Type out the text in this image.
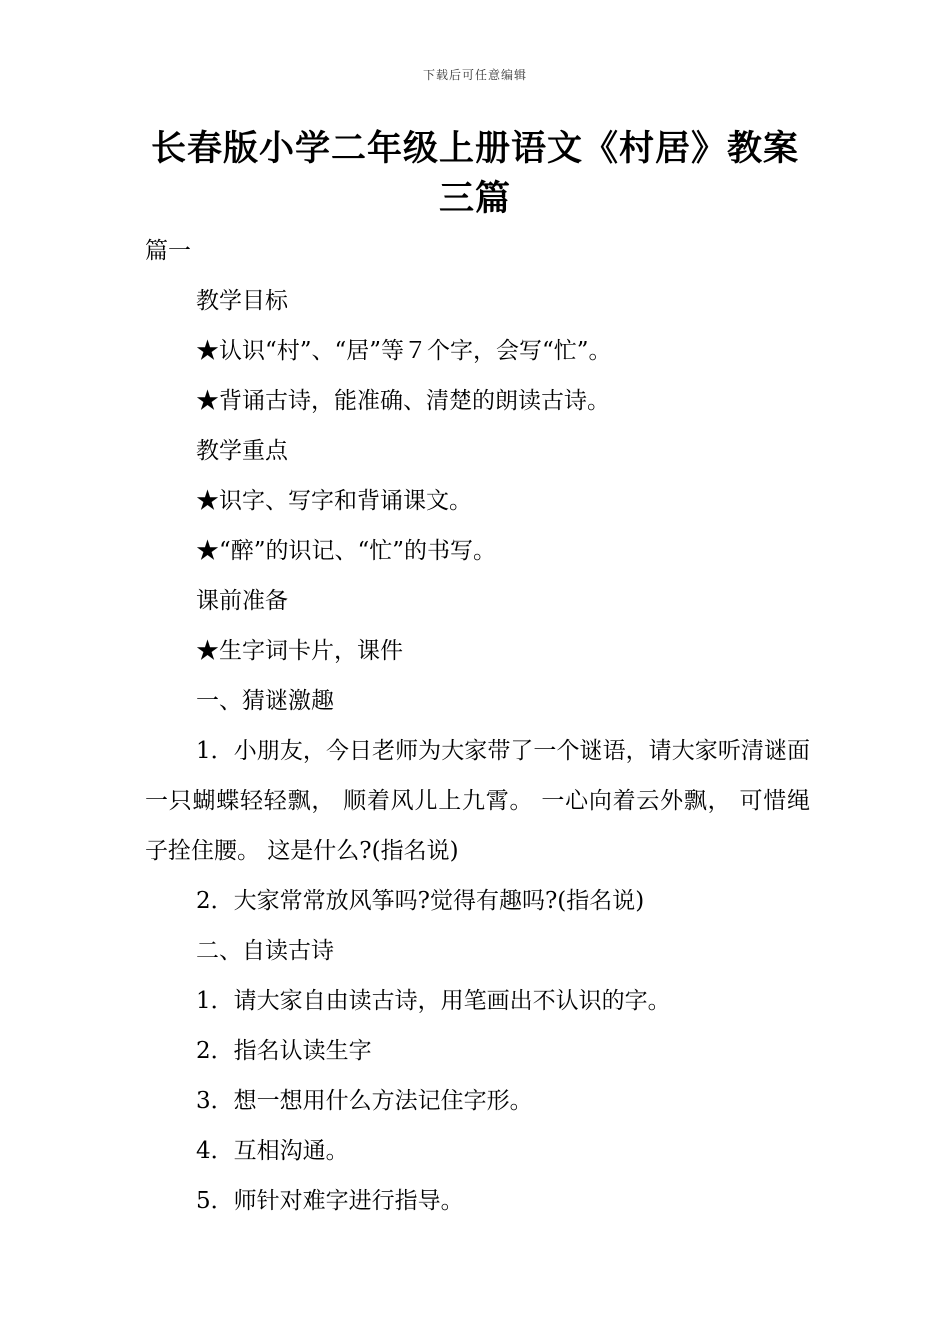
下载后可任意编辑
长春版小学二年级上册语文《村居》教案
三篇

篇一

教学目标

★认识“村”、“居”等７个字，会写“忙”。

★背诵古诗，能准确、清楚的朗读古诗。

教学重点

★识字、写字和背诵课文。

★“醉”的识记、“忙”的书写。

课前准备

★生字词卡片，课件

一、猜谜激趣

1．小朋友，今日老师为大家带了一个谜语，请大家听清谜面 一只蝴蝶轻轻飘， 顺着风儿上九霄。 一心向着云外飘， 可惜绳子拴住腰。 这是什么?(指名说)

2．大家常常放风筝吗?觉得有趣吗?(指名说)

二、自读古诗

1．请大家自由读古诗，用笔画出不认识的字。

2．指名认读生字

3．想一想用什么方法记住字形。

4．互相沟通。

5．师针对难字进行指导。
